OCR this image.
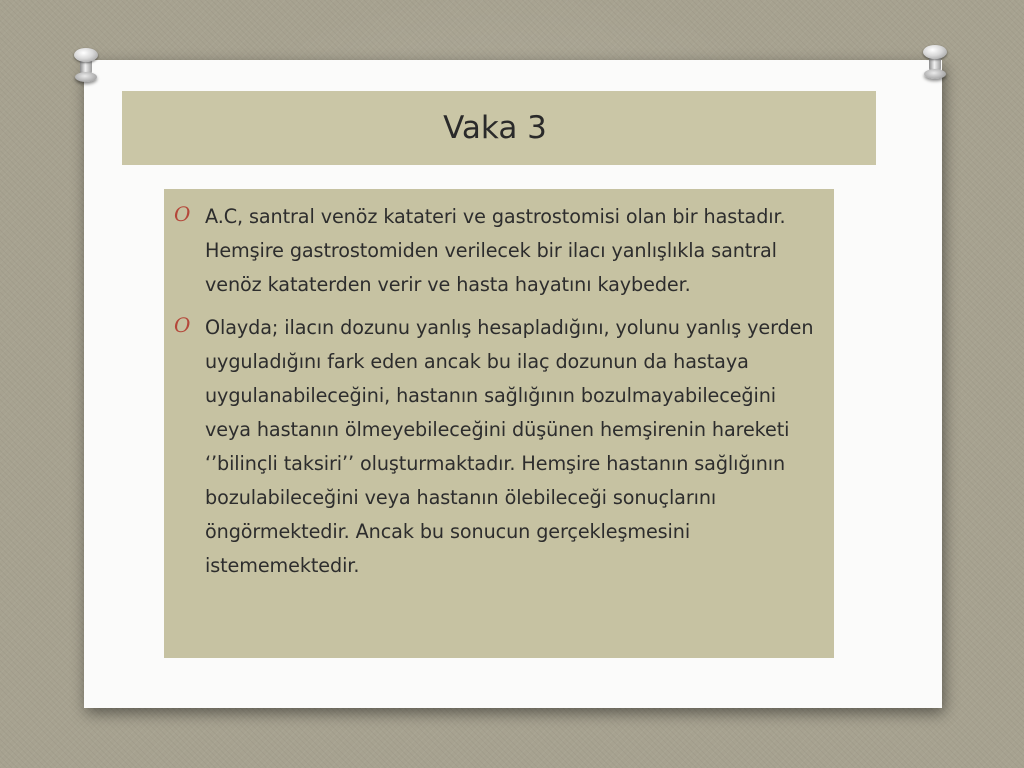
Vaka 3
O A.C, santral venöz katateri ve gastrostomisi olan bir hastadır. Hemşire gastrostomiden verilecek bir ilacı yanlışlıkla santral venöz kataterden verir ve hasta hayatını kaybeder.
O Olayda; ilacın dozunu yanlış hesapladığını, yolunu yanlış yerden uyguladığını fark eden ancak bu ilaç dozunun da hastaya uygulanabileceğini, hastanın sağlığının bozulmayabileceğini veya hastanın ölmeyebileceğini düşünen hemşirenin hareketi ‘’bilinçli taksiri’’ oluşturmaktadır. Hemşire hastanın sağlığının bozulabileceğini veya hastanın ölebileceği sonuçlarını öngörmektedir. Ancak bu sonucun gerçekleşmesini istememektedir.
